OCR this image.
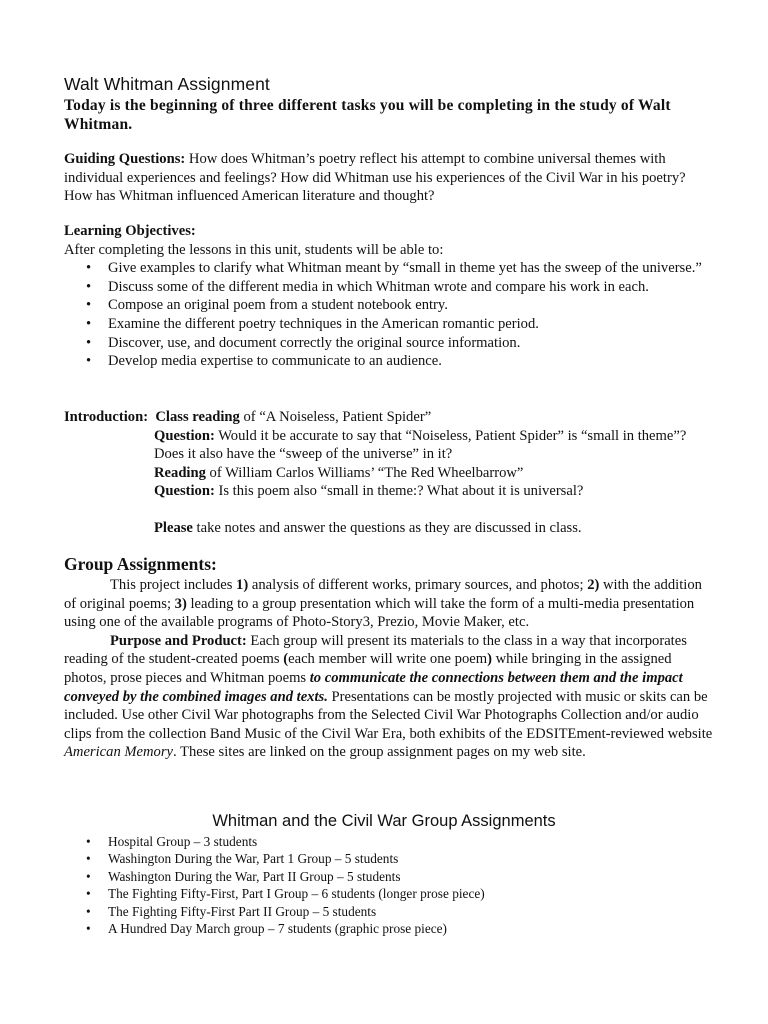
Walt Whitman Assignment
Today is the beginning of three different tasks you will be completing in the study of Walt Whitman.
Guiding Questions: How does Whitman’s poetry reflect his attempt to combine universal themes with individual experiences and feelings? How did Whitman use his experiences of the Civil War in his poetry? How has Whitman influenced American literature and thought?
Learning Objectives:
After completing the lessons in this unit, students will be able to:
• Give examples to clarify what Whitman meant by “small in theme yet has the sweep of the universe.”
• Discuss some of the different media in which Whitman wrote and compare his work in each.
• Compose an original poem from a student notebook entry.
• Examine the different poetry techniques in the American romantic period.
• Discover, use, and document correctly the original source information.
• Develop media expertise to communicate to an audience.
Introduction: Class reading of “A Noiseless, Patient Spider”
Question: Would it be accurate to say that “Noiseless, Patient Spider” is “small in theme”? Does it also have the “sweep of the universe” in it?
Reading of William Carlos Williams’ “The Red Wheelbarrow”
Question: Is this poem also “small in theme:? What about it is universal?
Please take notes and answer the questions as they are discussed in class.
Group Assignments:
This project includes 1) analysis of different works, primary sources, and photos; 2) with the addition of original poems; 3) leading to a group presentation which will take the form of a multi-media presentation using one of the available programs of Photo-Story3, Prezio, Movie Maker, etc.
Purpose and Product: Each group will present its materials to the class in a way that incorporates reading of the student-created poems (each member will write one poem) while bringing in the assigned photos, prose pieces and Whitman poems to communicate the connections between them and the impact conveyed by the combined images and texts. Presentations can be mostly projected with music or skits can be included. Use other Civil War photographs from the Selected Civil War Photographs Collection and/or audio clips from the collection Band Music of the Civil War Era, both exhibits of the EDSITEment-reviewed website American Memory. These sites are linked on the group assignment pages on my web site.
Whitman and the Civil War Group Assignments
• Hospital Group – 3 students
• Washington During the War, Part 1 Group – 5 students
• Washington During the War, Part II Group – 5 students
• The Fighting Fifty-First, Part I Group – 6 students (longer prose piece)
• The Fighting Fifty-First Part II Group – 5 students
• A Hundred Day March group – 7 students (graphic prose piece)
